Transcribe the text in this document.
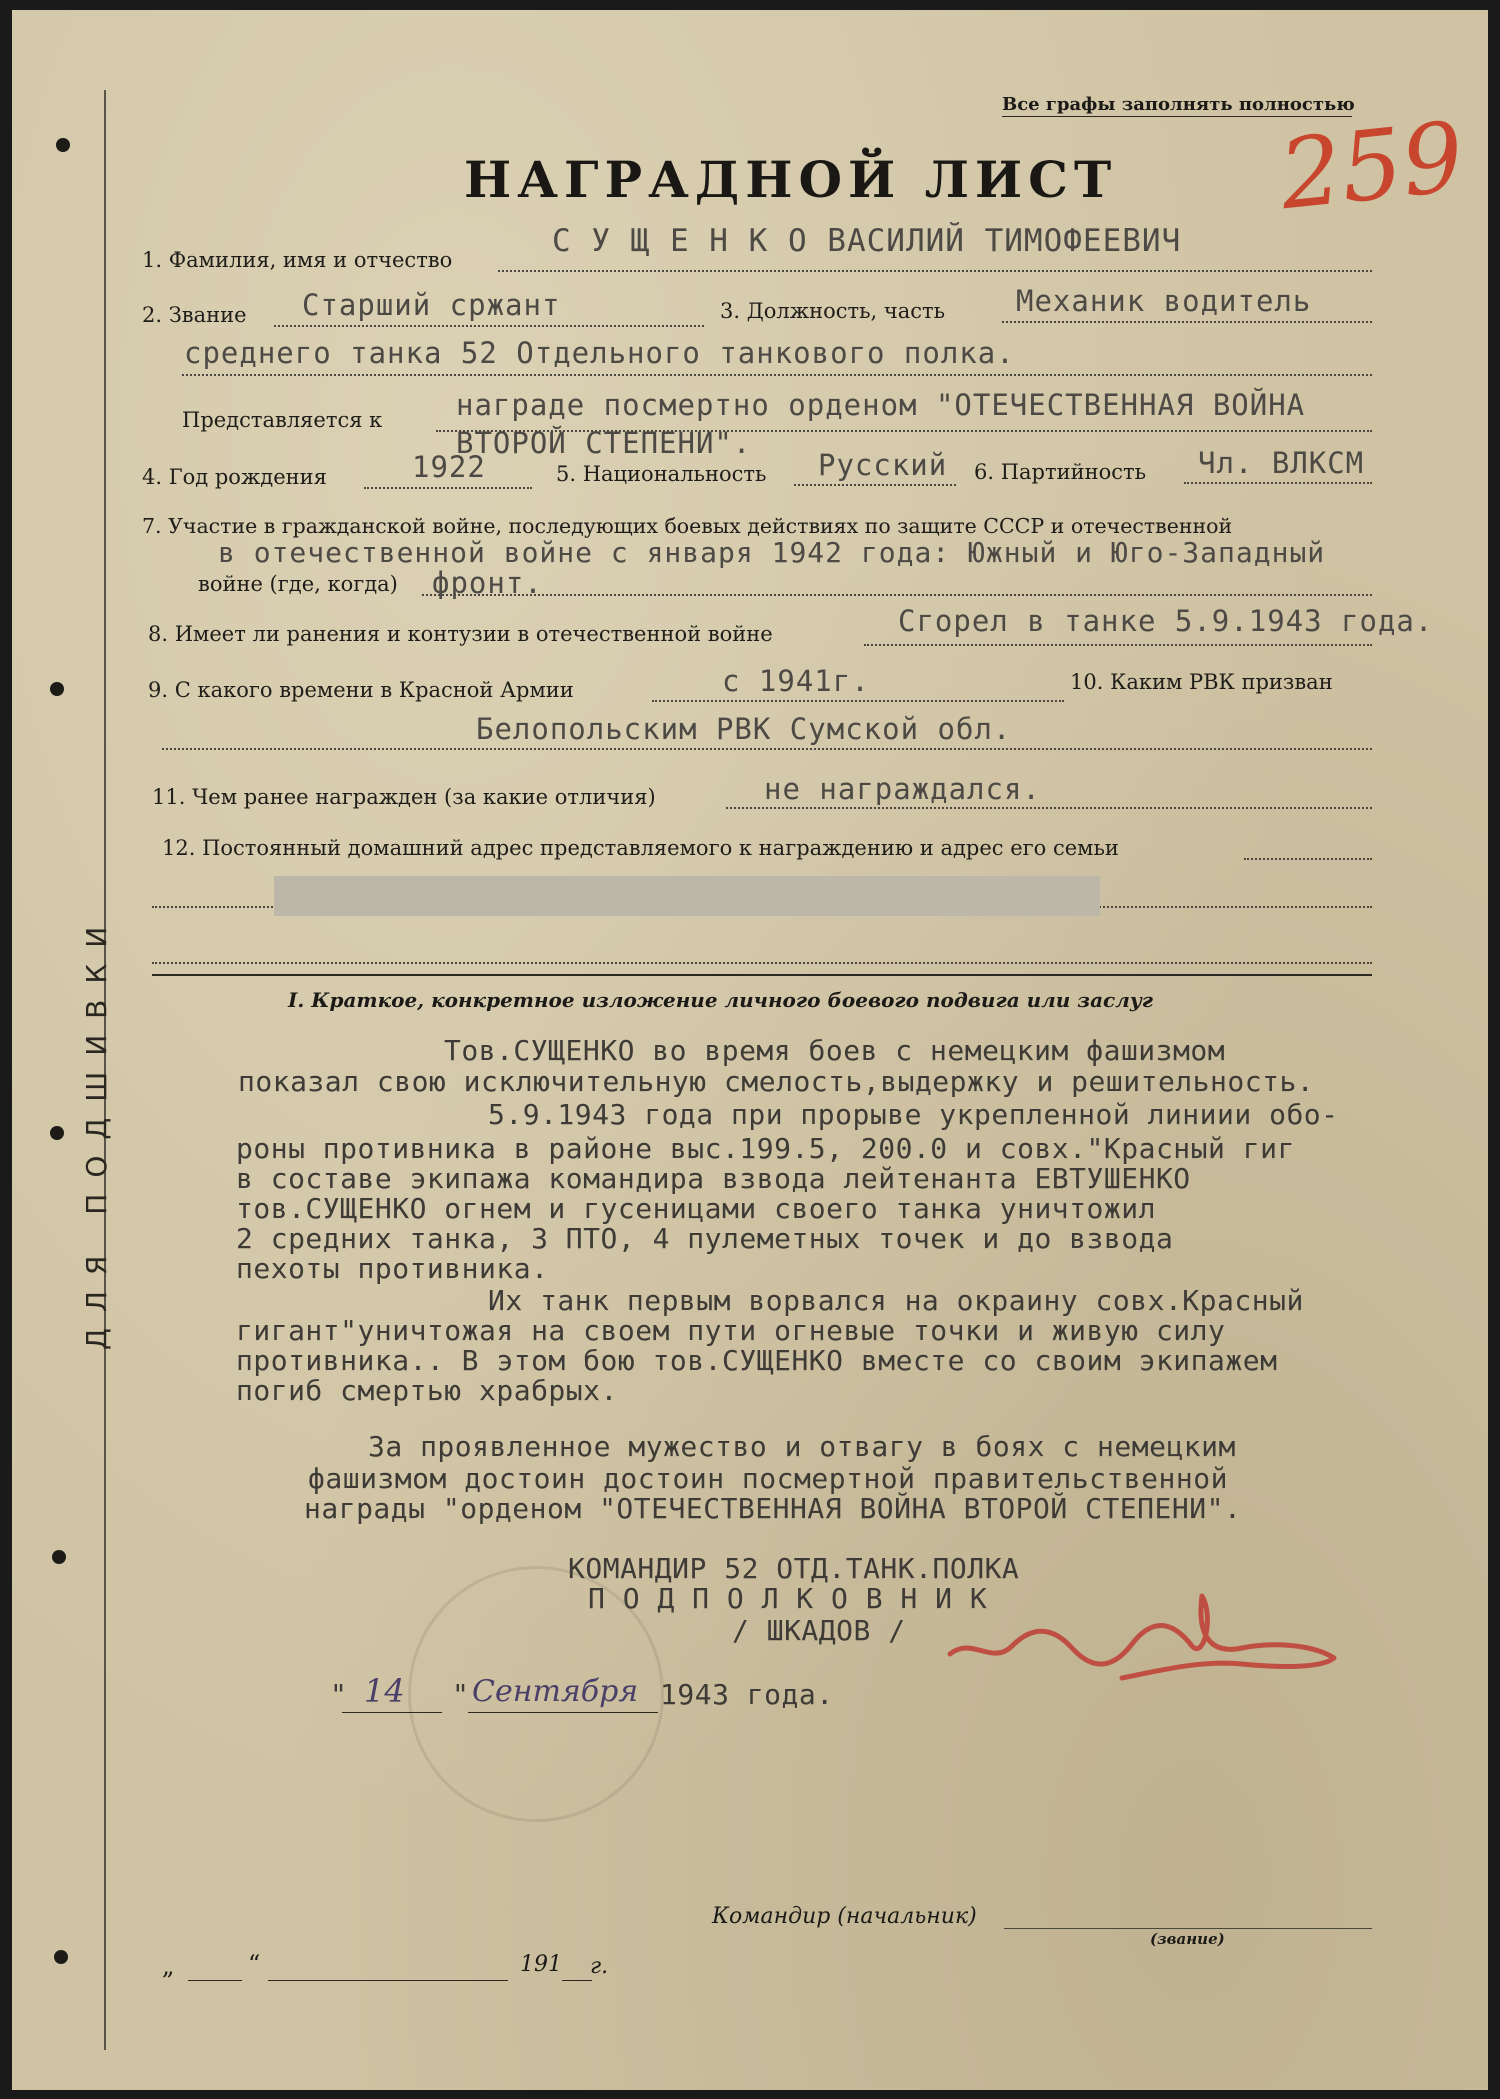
ДЛЯ ПОДШИВКИ
Все графы заполнять полностью
259
НАГРАДНОЙ ЛИСТ
1. Фамилия, имя и отчество
С У Щ Е Н К О ВАСИЛИЙ ТИМОФЕЕВИЧ
2. Звание Старший сржант	3. Должность, часть Механик водитель
среднего танка 52 Отдельного танкового полка.
Представляется к	награде посмертно орденом "ОТЕЧЕСТВЕННАЯ ВОЙНА
ВТОРОЙ СТЕПЕНИ".
4. Год рождения	1922	5. Национальность Русский 6. Партийность Чл. ВЛКСМ
7. Участие в гражданской войне, последующих боевых действиях по защите СССР и отечественной
в отечественной войне с января 1942 года: Южный и Юго-Западный
войне (где, когда) фронт.
8. Имеет ли ранения и контузии в отечественной войне	Сгорел в танке 5.9.1943 года.
9. С какого времени в Красной Армии	с 1941г.	10. Каким РВК призван
Белопольским РВК Сумской обл.
11. Чем ранее награжден (за какие отличия)	не награждался.
12. Постоянный домашний адрес представляемого к награждению и адрес его семьи
I. Краткое, конкретное изложение личного боевого подвига или заслуг
Тов.СУЩЕНКО во время боев с немецким фашизмом
показал свою исключительную смелость,выдержку и решительность.
5.9.1943 года при прорыве укрепленной линиии обо-
роны противника в районе выс.199.5, 200.0 и совх."Красный гиг
в составе экипажа командира взвода лейтенанта ЕВТУШЕНКО
тов.СУЩЕНКО огнем и гусеницами своего танка уничтожил
2 средних танка, 3 ПТО, 4 пулеметных точек и до взвода
пехоты противника.
Их танк первым ворвался на окраину совх.Красный
гигант"уничтожая на своем пути огневые точки и живую силу
противника.. В этом бою тов.СУЩЕНКО вместе со своим экипажем
погиб смертью храбрых.
За проявленное мужество и отвагу в боях с немецким
фашизмом достоин достоин посмертной правительственной
награды "орденом "ОТЕЧЕСТВЕННАЯ ВОЙНА ВТОРОЙ СТЕПЕНИ".
КОМАНДИР 52 ОТД.ТАНК.ПОЛКА
П О Д П О Л К О В Н И К
/ ШКАДОВ /
" 14 " Сентября 1943 года.
Командир (начальник)
(звание)
„	“	191 г.
